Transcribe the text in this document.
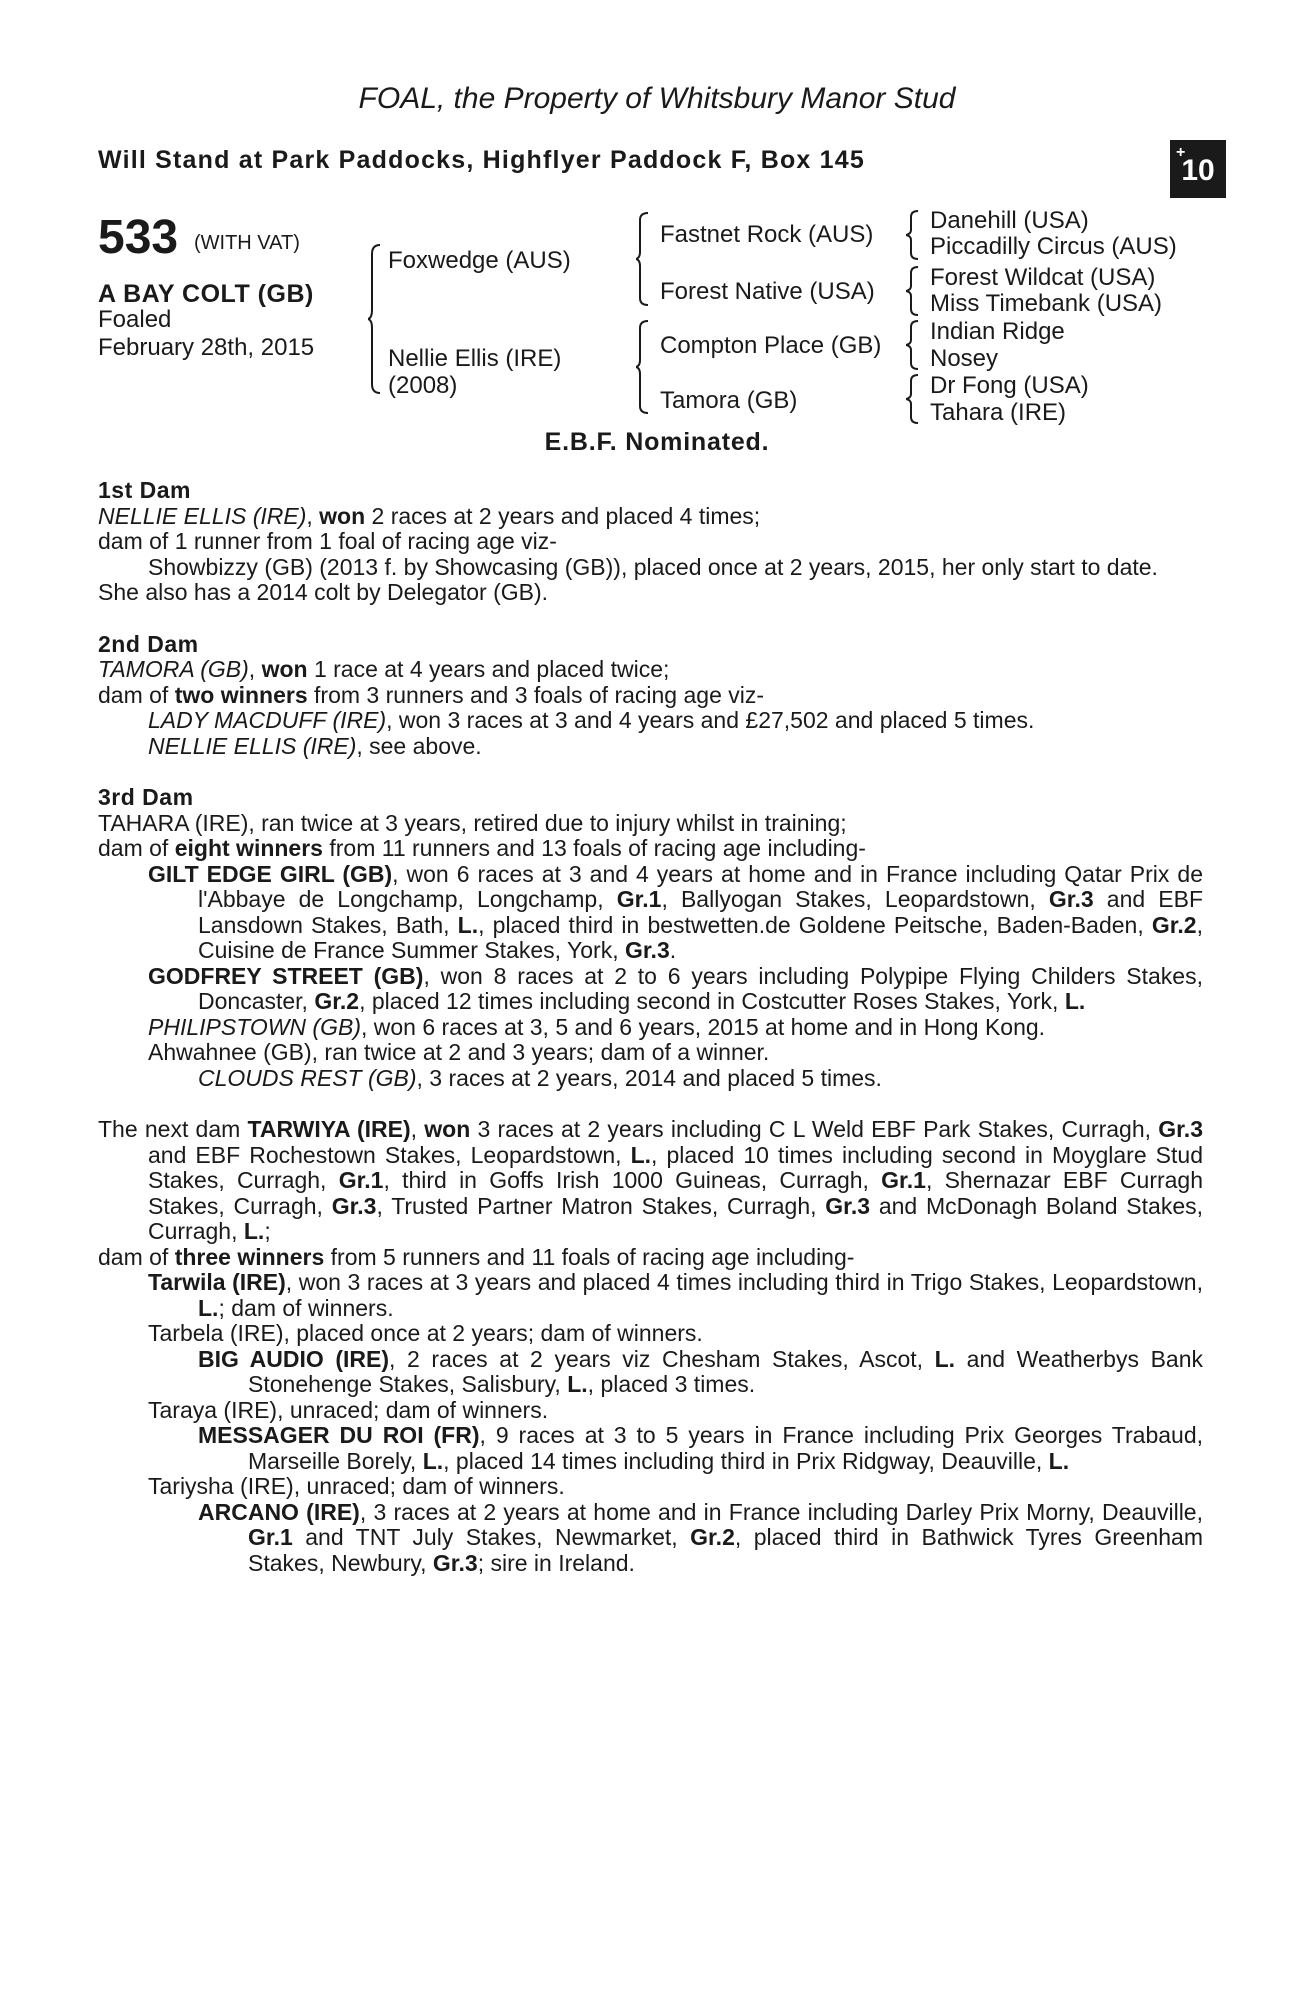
FOAL, the Property of Whitsbury Manor Stud
Will Stand at Park Paddocks, Highflyer Paddock F, Box 145	+
10
533 (WITH VAT)
A BAY COLT (GB)
Foaled
February 28th, 2015
Foxwedge (AUS)
Nellie Ellis (IRE)
(2008)
Fastnet Rock (AUS)
Forest Native (USA)
Compton Place (GB)
Tamora (GB)
Danehill (USA)
Piccadilly Circus (AUS)
Forest Wildcat (USA)
Miss Timebank (USA)
Indian Ridge
Nosey
Dr Fong (USA)
Tahara (IRE)
E.B.F. Nominated.
1st Dam
NELLIE ELLIS (IRE), won 2 races at 2 years and placed 4 times;
dam of 1 runner from 1 foal of racing age viz-
Showbizzy (GB) (2013 f. by Showcasing (GB)), placed once at 2 years, 2015, her only start to date.
She also has a 2014 colt by Delegator (GB).
2nd Dam
TAMORA (GB), won 1 race at 4 years and placed twice;
dam of two winners from 3 runners and 3 foals of racing age viz-
LADY MACDUFF (IRE), won 3 races at 3 and 4 years and £27,502 and placed 5 times.
NELLIE ELLIS (IRE), see above.
3rd Dam
TAHARA (IRE), ran twice at 3 years, retired due to injury whilst in training;
dam of eight winners from 11 runners and 13 foals of racing age including-
GILT EDGE GIRL (GB), won 6 races at 3 and 4 years at home and in France including Qatar Prix de l'Abbaye de Longchamp, Longchamp, Gr.1, Ballyogan Stakes, Leopardstown, Gr.3 and EBF Lansdown Stakes, Bath, L., placed third in bestwetten.de Goldene Peitsche, Baden-Baden, Gr.2, Cuisine de France Summer Stakes, York, Gr.3.
GODFREY STREET (GB), won 8 races at 2 to 6 years including Polypipe Flying Childers Stakes, Doncaster, Gr.2, placed 12 times including second in Costcutter Roses Stakes, York, L.
PHILIPSTOWN (GB), won 6 races at 3, 5 and 6 years, 2015 at home and in Hong Kong.
Ahwahnee (GB), ran twice at 2 and 3 years; dam of a winner.
CLOUDS REST (GB), 3 races at 2 years, 2014 and placed 5 times.
The next dam TARWIYA (IRE), won 3 races at 2 years including C L Weld EBF Park Stakes, Curragh, Gr.3 and EBF Rochestown Stakes, Leopardstown, L., placed 10 times including second in Moyglare Stud Stakes, Curragh, Gr.1, third in Goffs Irish 1000 Guineas, Curragh, Gr.1, Shernazar EBF Curragh Stakes, Curragh, Gr.3, Trusted Partner Matron Stakes, Curragh, Gr.3 and McDonagh Boland Stakes, Curragh, L.;
dam of three winners from 5 runners and 11 foals of racing age including-
Tarwila (IRE), won 3 races at 3 years and placed 4 times including third in Trigo Stakes, Leopardstown, L.; dam of winners.
Tarbela (IRE), placed once at 2 years; dam of winners.
BIG AUDIO (IRE), 2 races at 2 years viz Chesham Stakes, Ascot, L. and Weatherbys Bank Stonehenge Stakes, Salisbury, L., placed 3 times.
Taraya (IRE), unraced; dam of winners.
MESSAGER DU ROI (FR), 9 races at 3 to 5 years in France including Prix Georges Trabaud, Marseille Borely, L., placed 14 times including third in Prix Ridgway, Deauville, L.
Tariysha (IRE), unraced; dam of winners.
ARCANO (IRE), 3 races at 2 years at home and in France including Darley Prix Morny, Deauville, Gr.1 and TNT July Stakes, Newmarket, Gr.2, placed third in Bathwick Tyres Greenham Stakes, Newbury, Gr.3; sire in Ireland.
